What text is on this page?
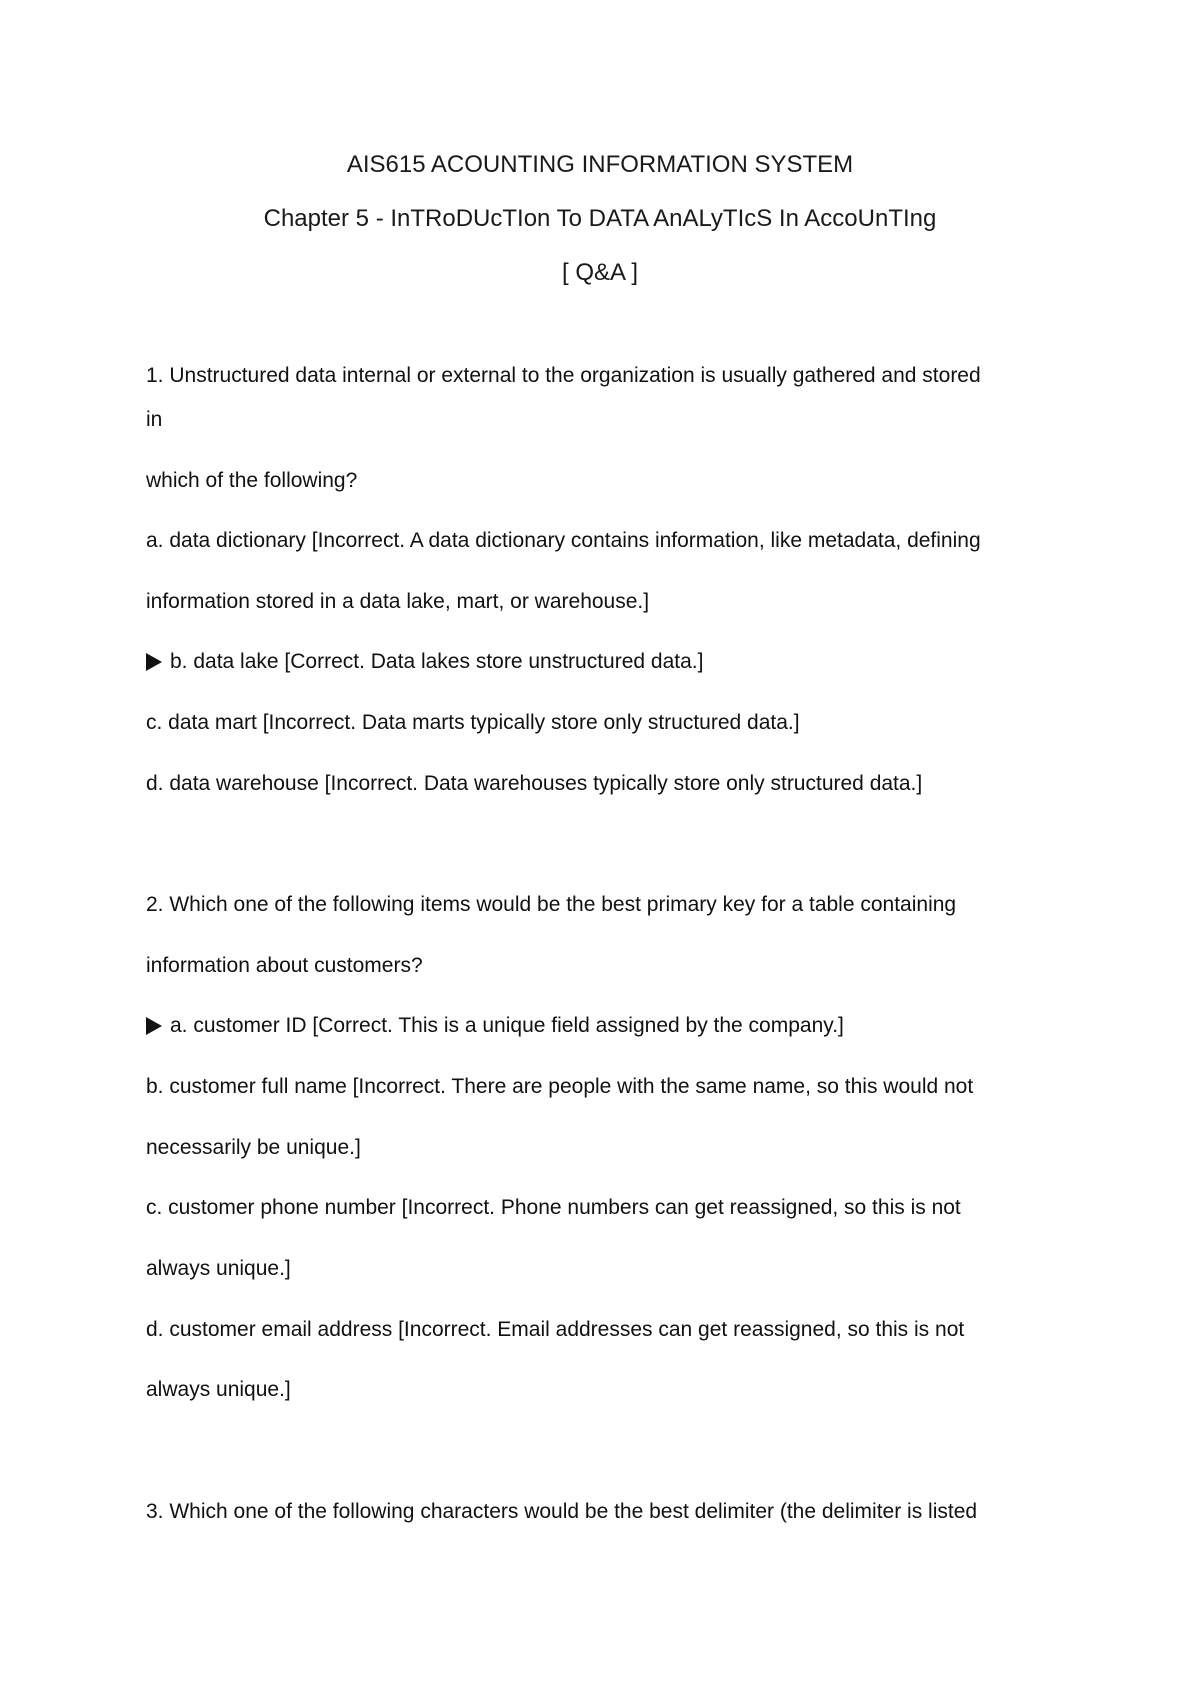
AIS615 ACOUNTING INFORMATION SYSTEM
Chapter 5 - InTRoDUcTIon To DATA AnALyTIcS In AccoUnTIng
[ Q&A ]
1. Unstructured data internal or external to the organization is usually gathered and stored
in
which of the following?
a. data dictionary [Incorrect. A data dictionary contains information, like metadata, defining
information stored in a data lake, mart, or warehouse.]
b. data lake [Correct. Data lakes store unstructured data.]
c. data mart [Incorrect. Data marts typically store only structured data.]
d. data warehouse [Incorrect. Data warehouses typically store only structured data.]
2. Which one of the following items would be the best primary key for a table containing
information about customers?
a. customer ID [Correct. This is a unique field assigned by the company.]
b. customer full name [Incorrect. There are people with the same name, so this would not
necessarily be unique.]
c. customer phone number [Incorrect. Phone numbers can get reassigned, so this is not
always unique.]
d. customer email address [Incorrect. Email addresses can get reassigned, so this is not
always unique.]
3. Which one of the following characters would be the best delimiter (the delimiter is listed
